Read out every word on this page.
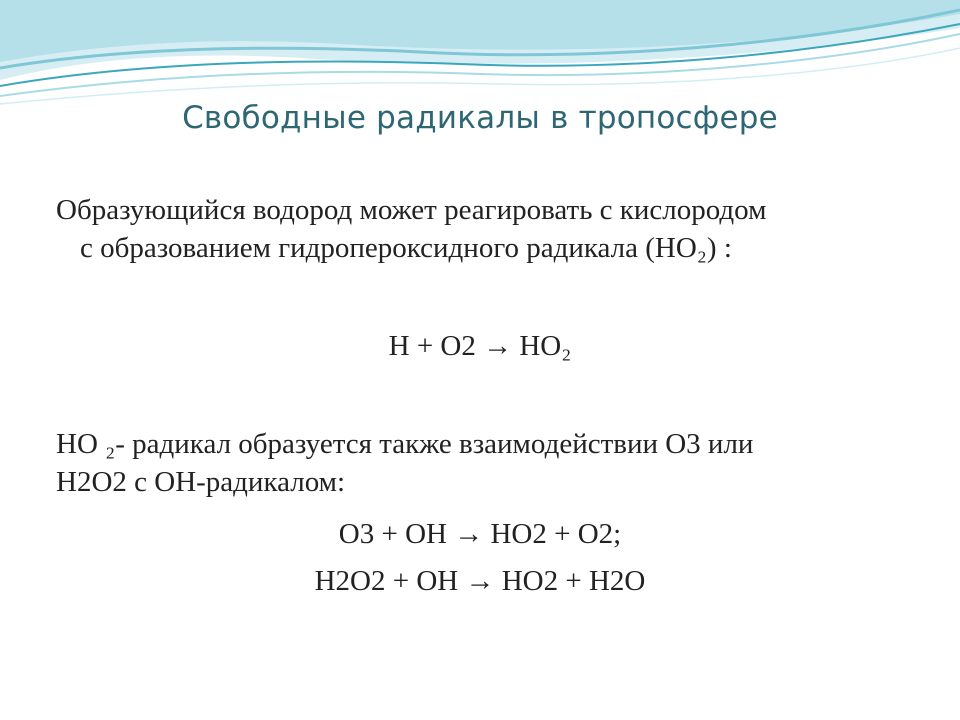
Свободные радикалы в тропосфере
Образующийся водород может реагировать с кислородом
с образованием гидропероксидного радикала (HO₂) :
H + O2 → HO₂
HO ₂- радикал образуется также взаимодействии O3 или
H2O2 с OH-радикалом:
O3 + OH → HO2 + O2;
H2O2 + OH → HO2 + H2O
